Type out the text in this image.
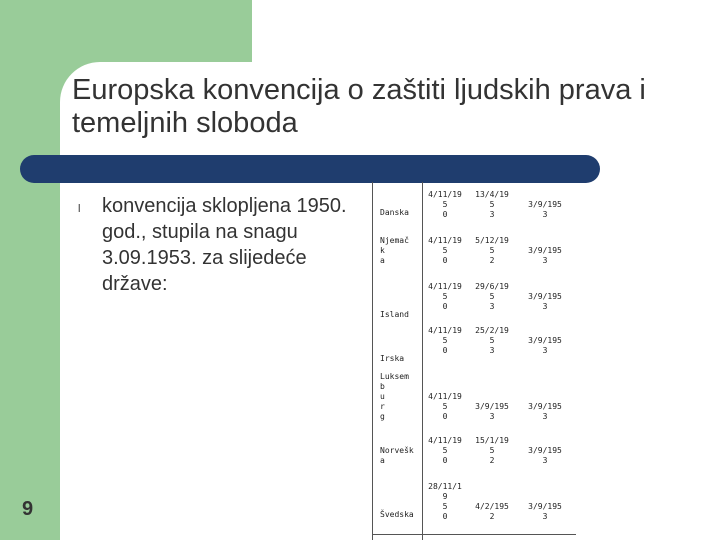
Europska konvencija o zaštiti ljudskih prava i temeljnih sloboda
l konvencija sklopljena 1950. god., stupila na snagu 3.09.1953. za slijedeće države:

9
Danska
4/11/19
5
0
13/4/19
5
3
3/9/195
3
Njemač
k
a
4/11/19
5
0
5/12/19
5
2
3/9/195
3
Island
4/11/19
5
0
29/6/19
5
3
3/9/195
3
Irska
4/11/19
5
0
25/2/19
5
3
3/9/195
3
Luksem
b
u
r
g
4/11/19
5
0
3/9/195
3
3/9/195
3
Norvešk
a
4/11/19
5
0
15/1/19
5
2
3/9/195
3
Švedska
28/11/1
9
5
0
4/2/195
2
3/9/195
3
